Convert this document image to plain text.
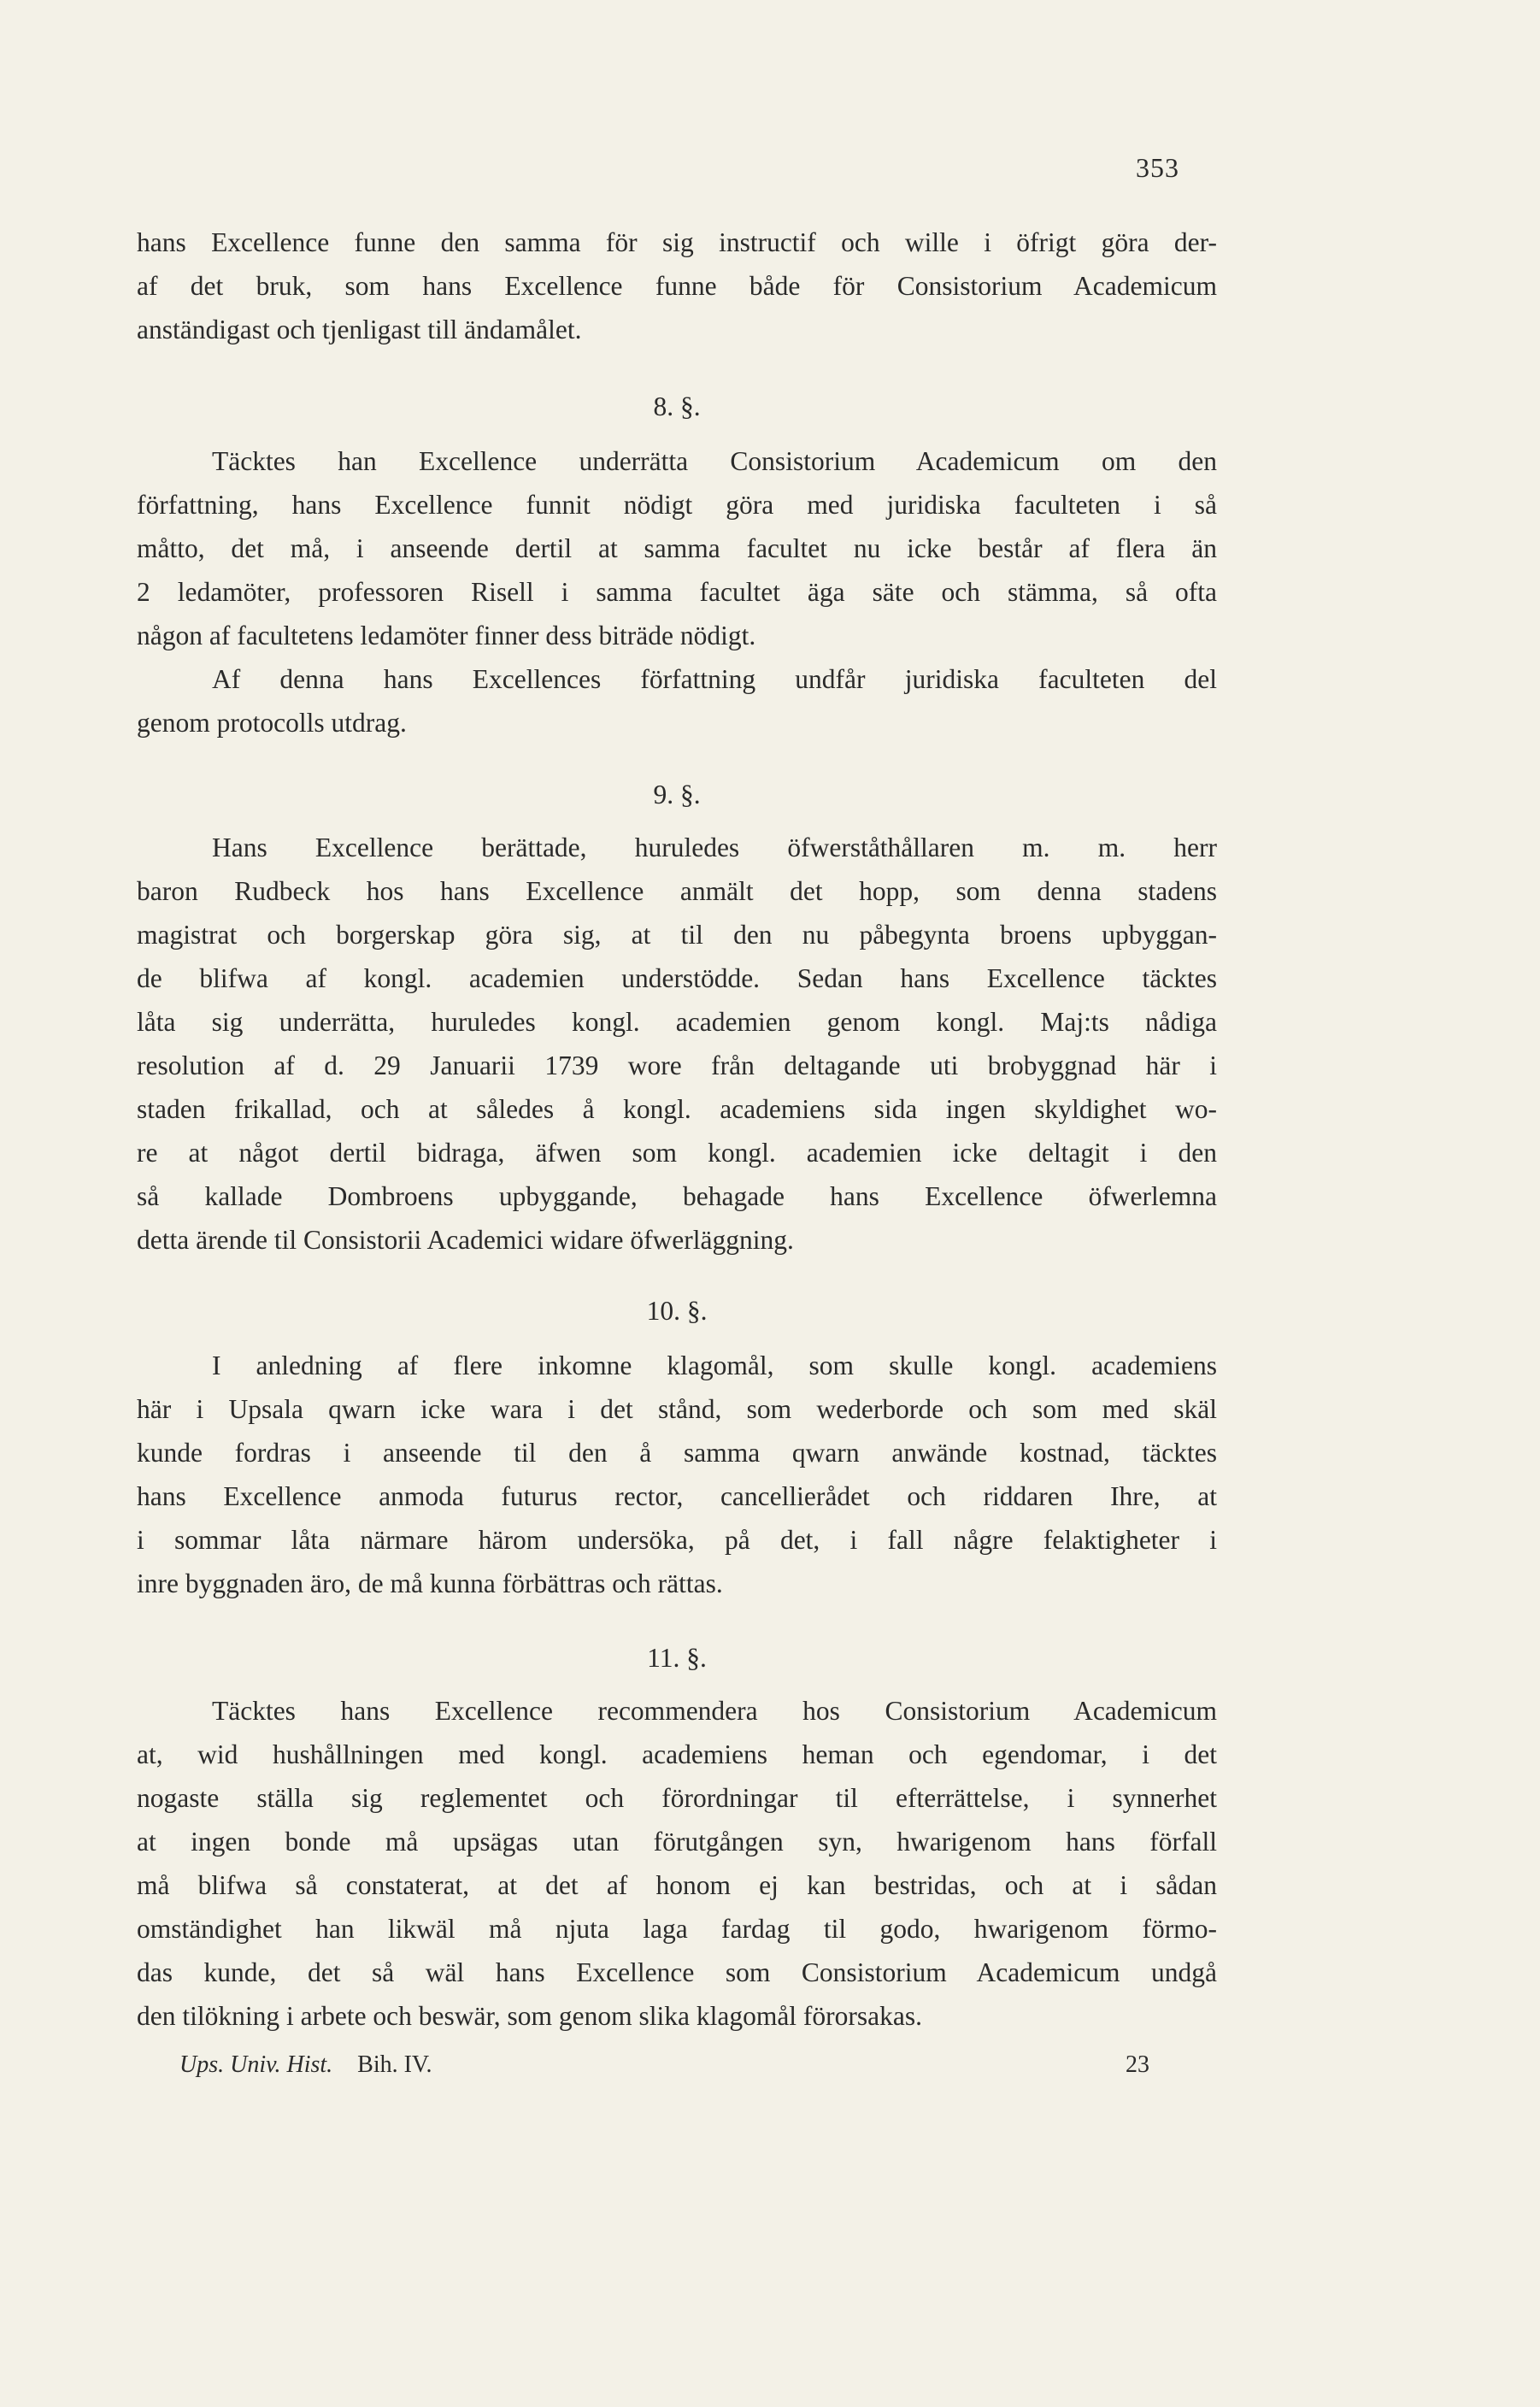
353
hans Excellence funne den samma för sig instructif och wille i öfrigt göra der-
af det bruk, som hans Excellence funne både för Consistorium Academicum
anständigast och tjenligast till ändamålet.
8. §.
Täcktes han Excellence underrätta Consistorium Academicum om den
författning, hans Excellence funnit nödigt göra med juridiska faculteten i så
måtto, det må, i anseende dertil at samma facultet nu icke består af flera än
2 ledamöter, professoren Risell i samma facultet äga säte och stämma, så ofta
någon af facultetens ledamöter finner dess biträde nödigt.
Af denna hans Excellences författning undfår juridiska faculteten del
genom protocolls utdrag.
9. §.
Hans Excellence berättade, huruledes öfwerståthållaren m. m. herr
baron Rudbeck hos hans Excellence anmält det hopp, som denna stadens
magistrat och borgerskap göra sig, at til den nu påbegynta broens upbyggan-
de blifwa af kongl. academien understödde. Sedan hans Excellence täcktes
låta sig underrätta, huruledes kongl. academien genom kongl. Maj:ts nådiga
resolution af d. 29 Januarii 1739 wore från deltagande uti brobyggnad här i
staden frikallad, och at således å kongl. academiens sida ingen skyldighet wo-
re at något dertil bidraga, äfwen som kongl. academien icke deltagit i den
så kallade Dombroens upbyggande, behagade hans Excellence öfwerlemna
detta ärende til Consistorii Academici widare öfwerläggning.
10. §.
I anledning af flere inkomne klagomål, som skulle kongl. academiens
här i Upsala qwarn icke wara i det stånd, som wederborde och som med skäl
kunde fordras i anseende til den å samma qwarn anwände kostnad, täcktes
hans Excellence anmoda futurus rector, cancellierådet och riddaren Ihre, at
i sommar låta närmare härom undersöka, på det, i fall någre felaktigheter i
inre byggnaden äro, de må kunna förbättras och rättas.
11. §.
Täcktes hans Excellence recommendera hos Consistorium Academicum
at, wid hushållningen med kongl. academiens heman och egendomar, i det
nogaste ställa sig reglementet och förordningar til efterrättelse, i synnerhet
at ingen bonde må upsägas utan förutgången syn, hwarigenom hans förfall
må blifwa så constaterat, at det af honom ej kan bestridas, och at i sådan
omständighet han likwäl må njuta laga fardag til godo, hwarigenom förmo-
das kunde, det så wäl hans Excellence som Consistorium Academicum undgå
den tilökning i arbete och beswär, som genom slika klagomål förorsakas.
Ups. Univ. Hist. Bih. IV.	23
